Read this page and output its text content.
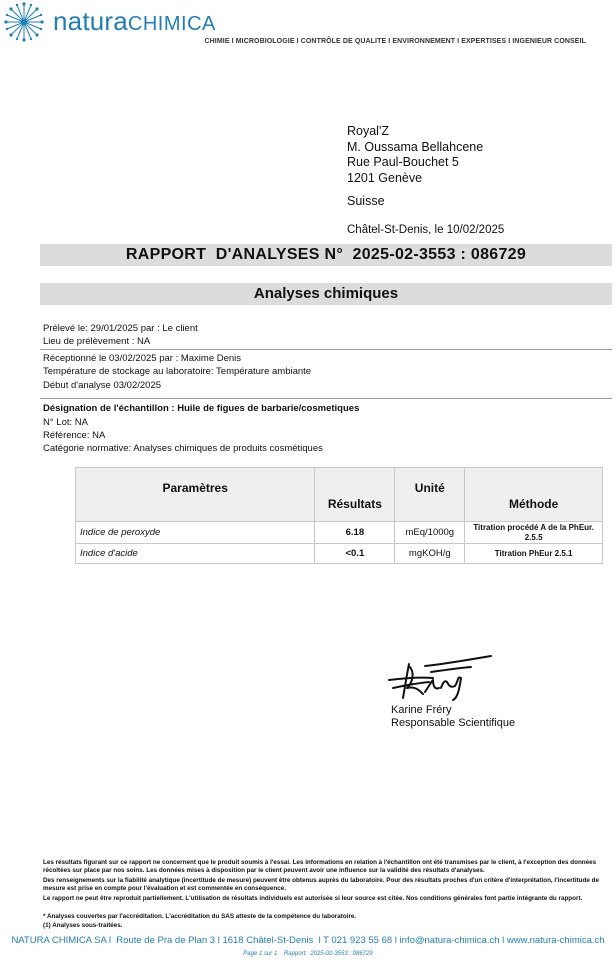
naturaCHIMICA
CHIMIE I MICROBIOLOGIE I CONTRÔLE DE QUALITE I ENVIRONNEMENT I EXPERTISES I INGENIEUR CONSEIL
Royal'Z
M. Oussama Bellahcene
Rue Paul-Bouchet 5
1201 Genève
Suisse
Châtel-St-Denis, le 10/02/2025
RAPPORT  D'ANALYSES N°  2025-02-3553 : 086729
Analyses chimiques
Prélevé le: 29/01/2025 par : Le client
Lieu de prélèvement : NA
Réceptionné le 03/02/2025 par : Maxime Denis
Température de stockage au laboratoire: Température ambiante
Début d'analyse 03/02/2025
Désignation de l'échantillon : Huile de figues de barbarie/cosmetiques
N° Lot: NA
Référence: NA
Catégorie normative: Analyses chimiques de produits cosmétiques
Paramètres	Résultats	Unité	Méthode
Indice de peroxyde	6.18	mEq/1000g	Titration procédé A de la PhEur. 2.5.5
Indice d'acide	<0.1	mgKOH/g	Titration PhEur 2.5.1
Karine Fréry
Responsable Scientifique
Les résultats figurant sur ce rapport ne concernent que le produit soumis à l'essai. Les informations en relation à l'échantillon ont été transmises par le client, à l'exception des données récoltées sur place par nos soins. Les données mises à disposition par le client peuvent avoir une influence sur la validité des résultats d'analyses.
Des renseignements sur la fiabilité analytique (incertitude de mesure) peuvent être obtenus auprès du laboratoire. Pour des résultats proches d'un critère d'interprétation, l'incertitude de mesure est prise en compte pour l'évaluation et est commentée en conséquence.
Le rapport ne peut être reproduit partiellement. L'utilisation de résultats individuels est autorisée si leur source est citée. Nos conditions générales font partie intégrante du rapport.
* Analyses couvertes par l'accréditation. L'accréditation du SAS atteste de la compétence du laboratoire.
(1) Analyses sous-traitées.
NATURA CHIMICA SA l  Route de Pra de Plan 3 l 1618 Châtel-St-Denis  l T 021 923 55 68 l info@natura-chimica.ch l www.natura-chimica.ch
Page 1 sur 1    Rapport:  2025-02-3553 : 086729
